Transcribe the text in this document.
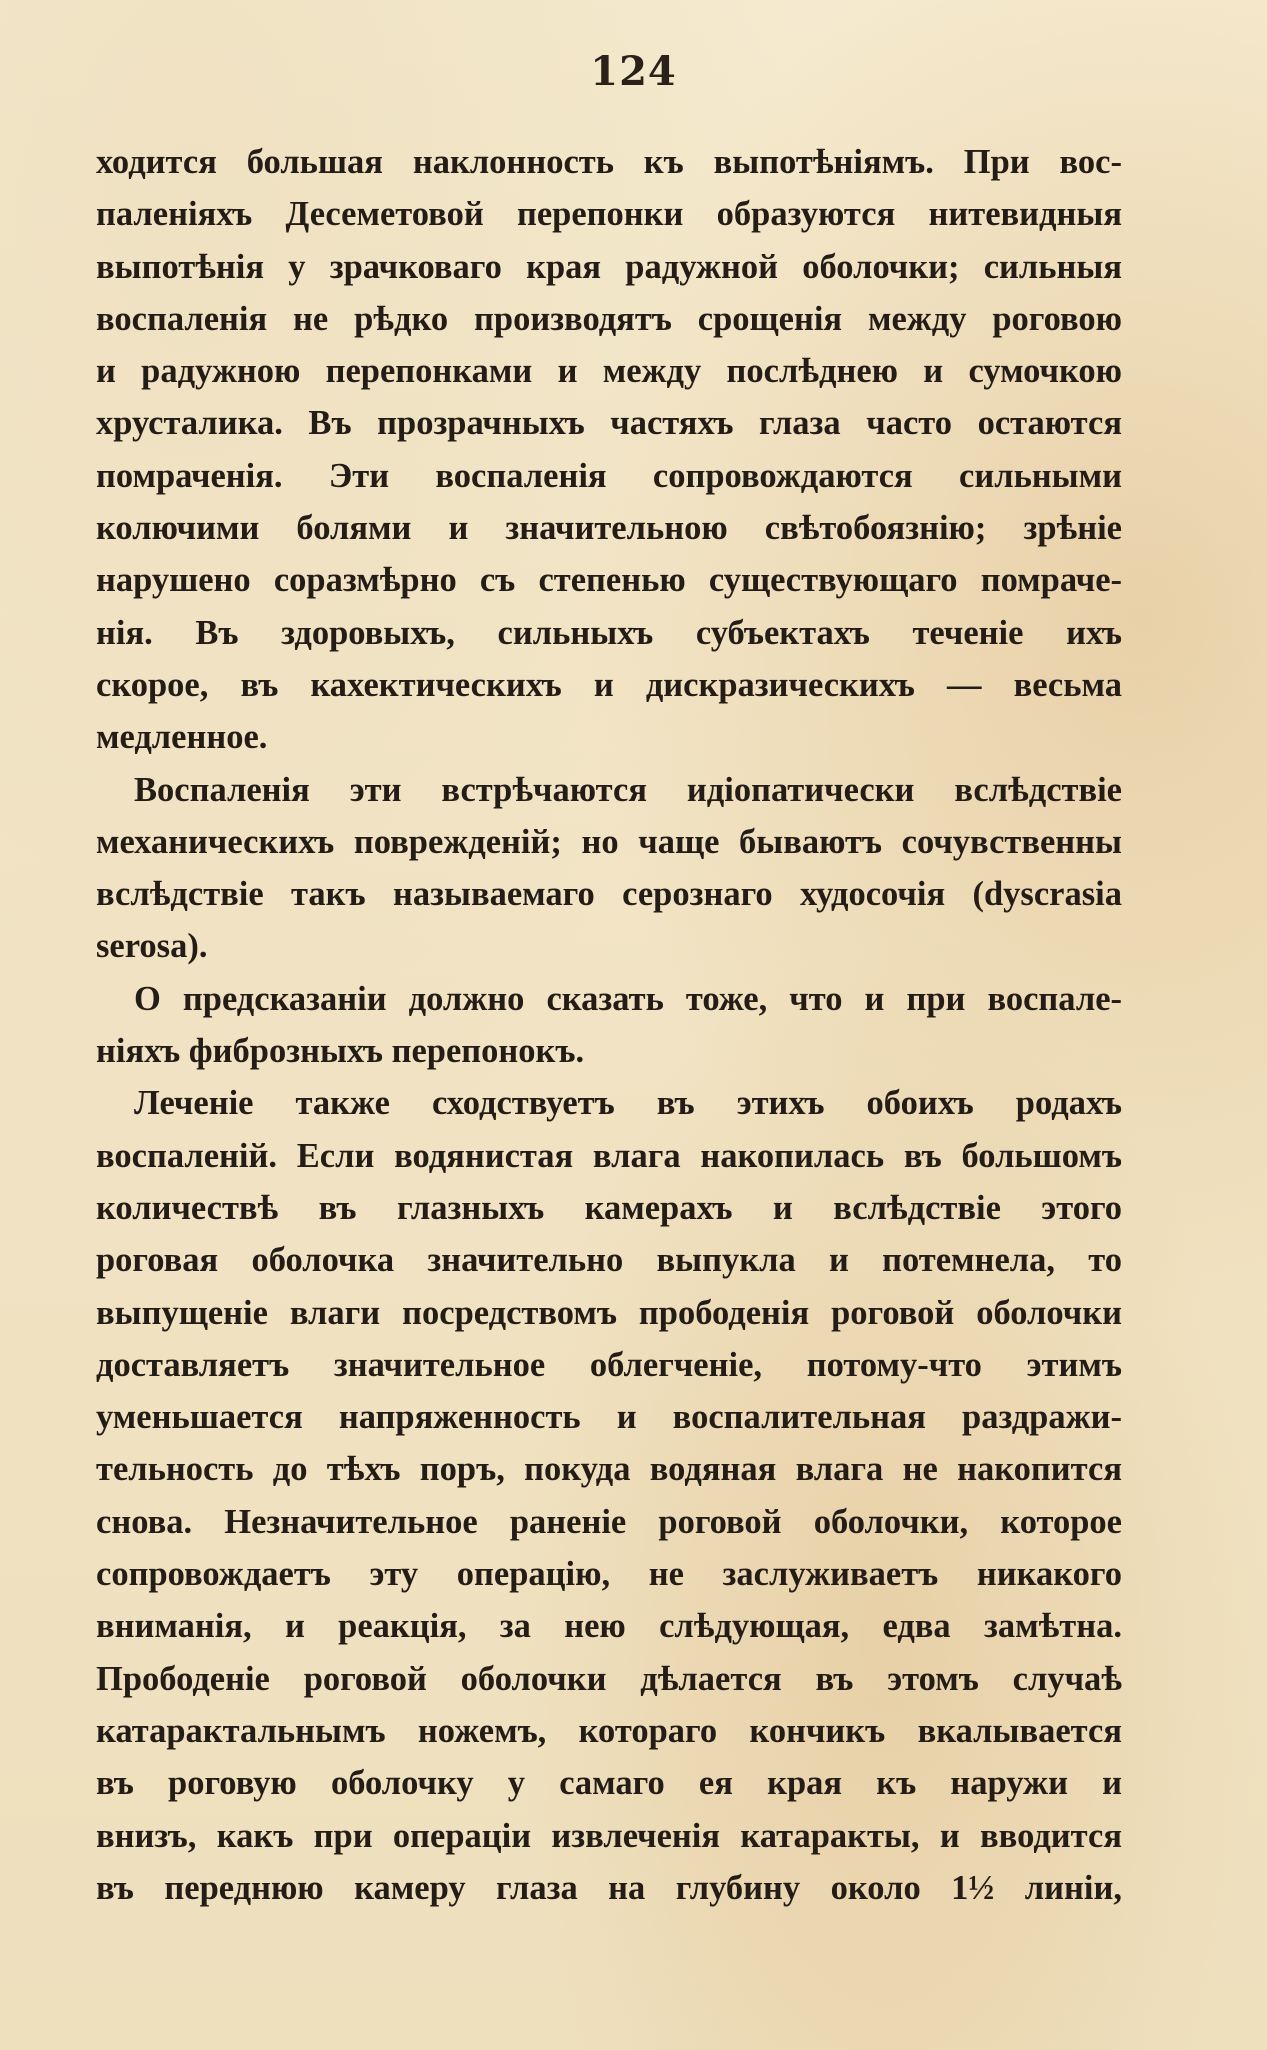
124
ходится большая наклонность къ выпотѣніямъ. При вос-
паленіяхъ Десеметовой перепонки образуются нитевидныя
выпотѣнія у зрачковаго края радужной оболочки; сильныя
воспаленія не рѣдко производятъ срощенія между роговою
и радужною перепонками и между послѣднею и сумочкою
хрусталика. Въ прозрачныхъ частяхъ глаза часто остаются
помраченія. Эти воспаленія сопровождаются сильными
колючими болями и значительною свѣтобоязнію; зрѣніе
нарушено соразмѣрно съ степенью существующаго помраче-
нія. Въ здоровыхъ, сильныхъ субъектахъ теченіе ихъ
скорое, въ кахектическихъ и дискразическихъ — весьма
медленное.
Воспаленія эти встрѣчаются идіопатически вслѣдствіе
механическихъ поврежденій; но чаще бываютъ сочувственны
вслѣдствіе такъ называемаго серознаго худосочія (dyscrasia
serosa).
О предсказаніи должно сказать тоже, что и при воспале-
ніяхъ фиброзныхъ перепонокъ.
Леченіе также сходствуетъ въ этихъ обоихъ родахъ
воспаленій. Если водянистая влага накопилась въ большомъ
количествѣ въ глазныхъ камерахъ и вслѣдствіе этого
роговая оболочка значительно выпукла и потемнела, то
выпущеніе влаги посредствомъ прободенія роговой оболочки
доставляетъ значительное облегченіе, потому-что этимъ
уменьшается напряженность и воспалительная раздражи-
тельность до тѣхъ поръ, покуда водяная влага не накопится
снова. Незначительное раненіе роговой оболочки, которое
сопровождаетъ эту операцію, не заслуживаетъ никакого
вниманія, и реакція, за нею слѣдующая, едва замѣтна.
Прободеніе роговой оболочки дѣлается въ этомъ случаѣ
катарактальнымъ ножемъ, котораго кончикъ вкалывается
въ роговую оболочку у самаго ея края къ наружи и
внизъ, какъ при операціи извлеченія катаракты, и вводится
въ переднюю камеру глаза на глубину около 1½ линіи,
